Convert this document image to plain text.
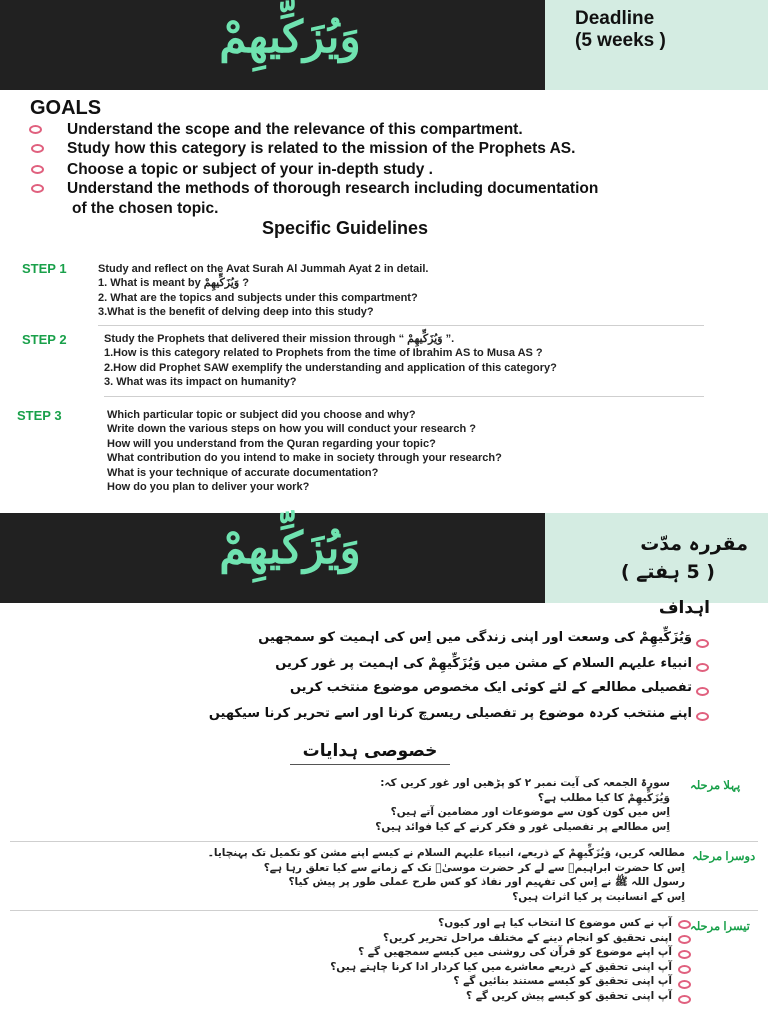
وَيُزَكِّيهِمْ	Deadline
(5 weeks )
GOALS
Understand the scope and the relevance of this compartment.
Study how this category is related to the mission of the Prophets AS.
Choose a topic or subject of your in-depth study .
Understand the methods of thorough research including documentation
of the chosen topic.
Specific Guidelines
STEP 1	Study and reflect on the Avat Surah Al Jummah Ayat 2 in detail.
1. What is meant by وَيُزَكِّيهِمْ ?
2. What are the topics and subjects under this compartment?
3.What is the benefit of delving deep into this study?
STEP 2	Study the Prophets that delivered their mission through “ وَيُزَكِّيهِمْ ”.
1.How is this category related to Prophets from the time of Ibrahim AS to Musa AS ?
2.How did Prophet SAW exemplify the understanding and application of this category?
3. What was its impact on humanity?
STEP 3	Which particular topic or subject did you choose and why?
Write down the various steps on how you will conduct your research ?
How will you understand from the Quran regarding your topic?
What contribution do you intend to make in society through your research?
What is your technique of accurate documentation?
How do you plan to deliver your work?
وَيُزَكِّيهِمْ	مقررہ مدّت
( 5 ہفتے )
اہداف
وَيُزَكِّيهِمْ کی وسعت اور اپنی زندگی میں اِس کی اہمیت کو سمجھیں
انبیاء علیہم السلام کے مشن میں وَيُزَكِّيهِمْ کی اہمیت پر غور کریں
تفصیلی مطالعے کے لئے کوئی ایک مخصوص موضوع منتخب کریں
اپنے منتخب کردہ موضوع پر تفصیلی ریسرچ کرنا اور اسے تحریر کرنا سیکھیں
خصوصی ہدایات
پہلا مرحلہ
سورۃ الجمعہ کی آیت نمبر ۲ کو پڑھیں اور غور کریں کہ:
وَيُزَكِّيهِمْ کا کیا مطلب ہے؟
اِس میں کون کون سے موضوعات اور مضامین آتے ہیں؟
اِس مطالعے پر تفصیلی غور و فکر کرنے کے کیا فوائد ہیں؟
دوسرا مرحلہ
مطالعہ کریں، وَيُزَكِّيهِمْ کے ذریعے، انبیاء علیہم السلام نے کیسے اپنے مشن کو تکمیل تک پہنچایا۔
اِس کا حضرت ابراہیمؑ سے لے کر حضرت موسیٰؑ تک کے زمانے سے کیا تعلق رہا ہے؟
رسول اللہ ﷺ نے اِس کی تفہیم اور نفاذ کو کس طرح عملی طور پر پیش کیا؟
اِس کے انسانیت پر کیا اثرات ہیں؟
تیسرا مرحلہ
آپ نے کس موضوع کا انتخاب کیا ہے اور کیوں؟
اپنی تحقیق کو انجام دینے کے مختلف مراحل تحریر کریں؟
آپ اپنے موضوع کو قرآن کی روشنی میں کیسے سمجھیں گے ؟
آپ اپنی تحقیق کے ذریعے معاشرے میں کیا کردار ادا کرنا چاہتے ہیں؟
آپ اپنی تحقیق کو کیسے مستند بنائیں گے ؟
آپ اپنی تحقیق کو کیسے پیش کریں گے ؟
